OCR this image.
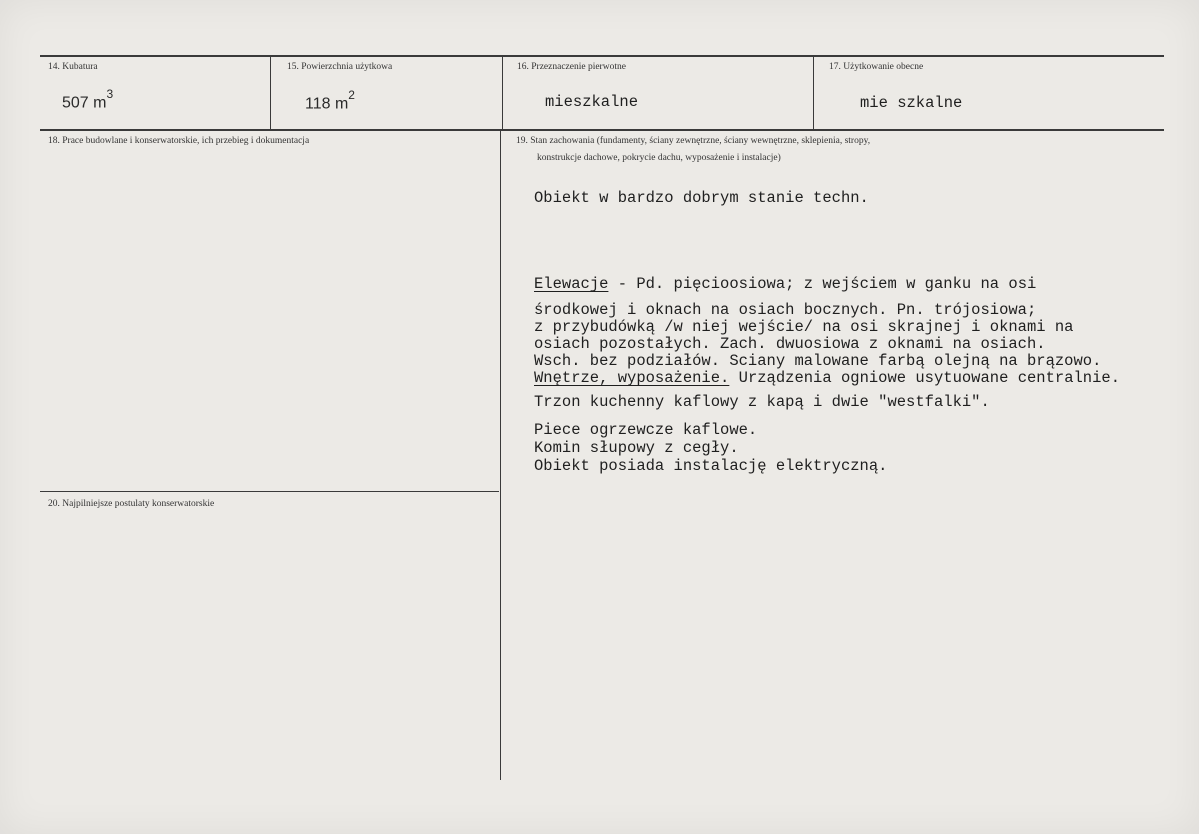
14. Kubatura
507 $m^3$
15. Powierzchnia użytkowa
118 $m^2$
16. Przeznaczenie pierwotne
mieszkalne
17. Użytkowanie obecne
mie szkalne
18. Prace budowlane i konserwatorskie, ich przebieg i dokumentacja	19. Stan zachowania (fundamenty, ściany zewnętrzne, ściany wewnętrzne, sklepienia, stropy,
konstrukcje dachowe, pokrycie dachu, wyposażenie i instalacje)
Obiekt w bardzo dobrym stanie techn.
Elewacje - Pd. pięcioosiowa; z wejściem w ganku na osi
środkowej i oknach na osiach bocznych. Pn. trójosiowa;
z przybudówką /w niej wejście/ na osi skrajnej i oknami na
osiach pozostałych. Zach. dwuosiowa z oknami na osiach.
Wsch. bez podziałów. Sciany malowane farbą olejną na brązowo.
Wnętrze, wyposażenie. Urządzenia ogniowe usytuowane centralnie.
Trzon kuchenny kaflowy z kapą i dwie "westfalki".
Piece ogrzewcze kaflowe.
Komin słupowy z cegły.
Obiekt posiada instalację elektryczną.
20. Najpilniejsze postulaty konserwatorskie
